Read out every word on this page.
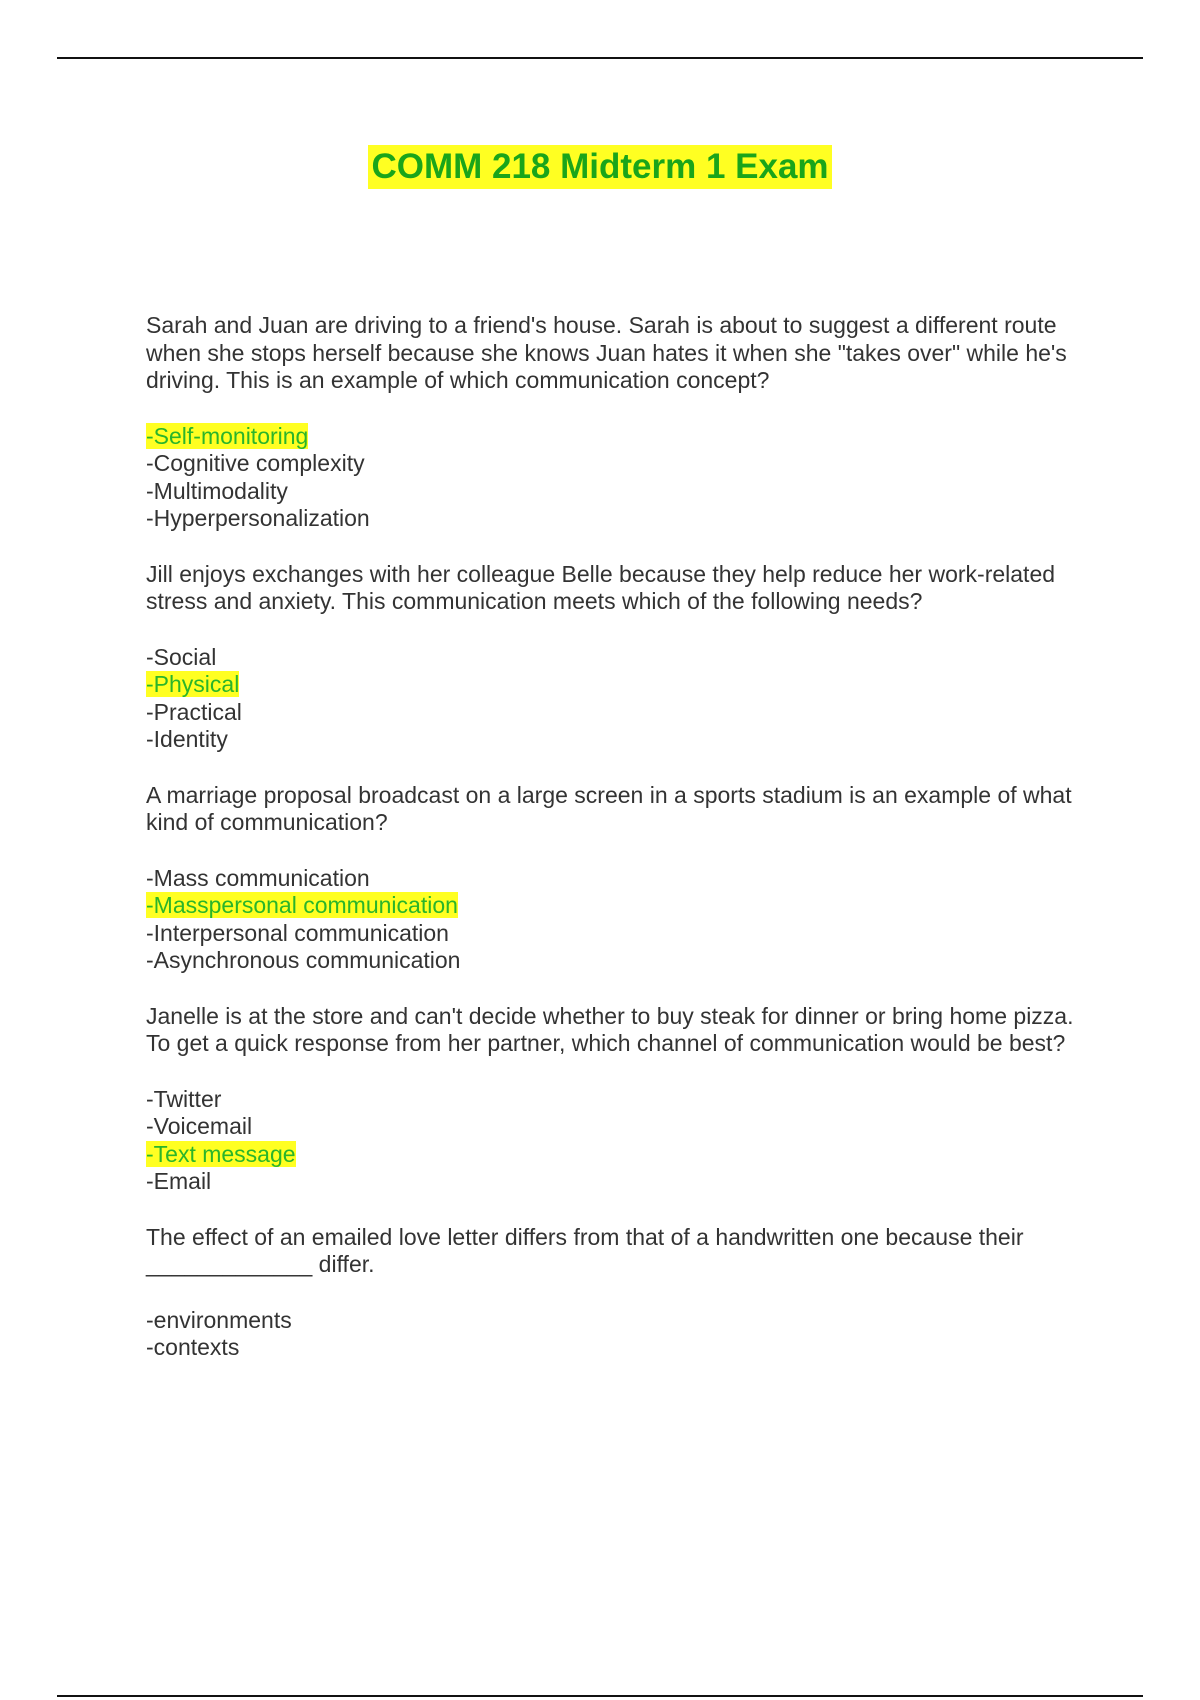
COMM 218 Midterm 1 Exam

Sarah and Juan are driving to a friend's house. Sarah is about to suggest a different route when she stops herself because she knows Juan hates it when she "takes over" while he's driving. This is an example of which communication concept?

-Self-monitoring
-Cognitive complexity
-Multimodality
-Hyperpersonalization

Jill enjoys exchanges with her colleague Belle because they help reduce her work-related stress and anxiety. This communication meets which of the following needs?

-Social
-Physical
-Practical
-Identity

A marriage proposal broadcast on a large screen in a sports stadium is an example of what kind of communication?

-Mass communication
-Masspersonal communication
-Interpersonal communication
-Asynchronous communication

Janelle is at the store and can't decide whether to buy steak for dinner or bring home pizza. To get a quick response from her partner, which channel of communication would be best?

-Twitter
-Voicemail
-Text message
-Email

The effect of an emailed love letter differs from that of a handwritten one because their _____________ differ.

-environments
-contexts
